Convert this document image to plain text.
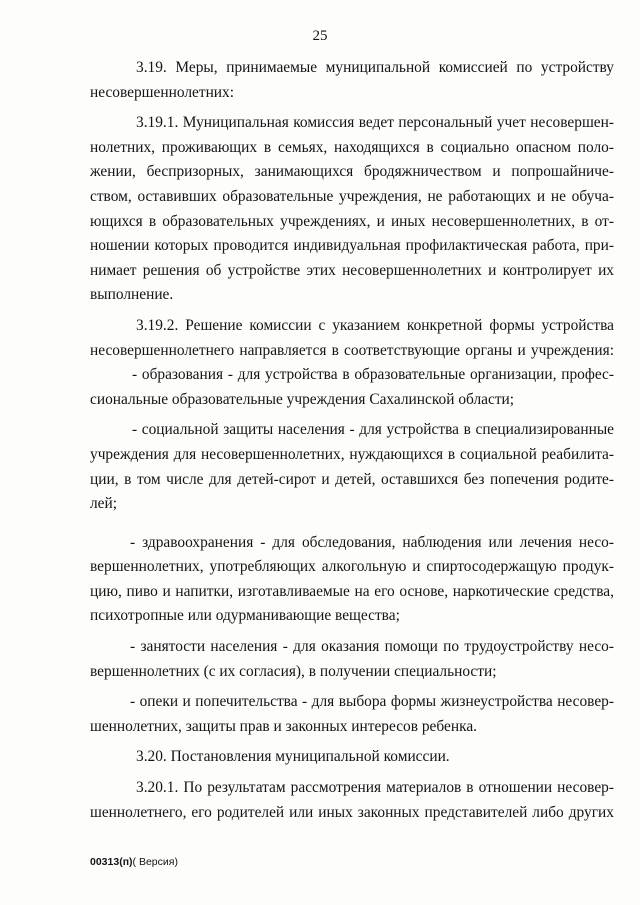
25
3.19. Меры, принимаемые муниципальной комиссией по устройству
несовершеннолетних:
3.19.1. Муниципальная комиссия ведет персональный учет несовершен-
нолетних, проживающих в семьях, находящихся в социально опасном поло-
жении, беспризорных, занимающихся бродяжничеством и попрошайниче-
ством, оставивших образовательные учреждения, не работающих и не обуча-
ющихся в образовательных учреждениях, и иных несовершеннолетних, в от-
ношении которых проводится индивидуальная профилактическая работа, при-
нимает решения об устройстве этих несовершеннолетних и контролирует их
выполнение.
3.19.2. Решение комиссии с указанием конкретной формы устройства
несовершеннолетнего направляется в соответствующие органы и учреждения:
- образования - для устройства в образовательные организации, профес-
сиональные образовательные учреждения Сахалинской области;
- социальной защиты населения - для устройства в специализированные
учреждения для несовершеннолетних, нуждающихся в социальной реабилита-
ции, в том числе для детей-сирот и детей, оставшихся без попечения родите-
лей;
- здравоохранения - для обследования, наблюдения или лечения несо-
вершеннолетних, употребляющих алкогольную и спиртосодержащую продук-
цию, пиво и напитки, изготавливаемые на его основе, наркотические средства,
психотропные или одурманивающие вещества;
- занятости населения - для оказания помощи по трудоустройству несо-
вершеннолетних (с их согласия), в получении специальности;
- опеки и попечительства - для выбора формы жизнеустройства несовер-
шеннолетних, защиты прав и законных интересов ребенка.
3.20. Постановления муниципальной комиссии.
3.20.1. По результатам рассмотрения материалов в отношении несовер-
шеннолетнего, его родителей или иных законных представителей либо других
00313(п)( Версия)
